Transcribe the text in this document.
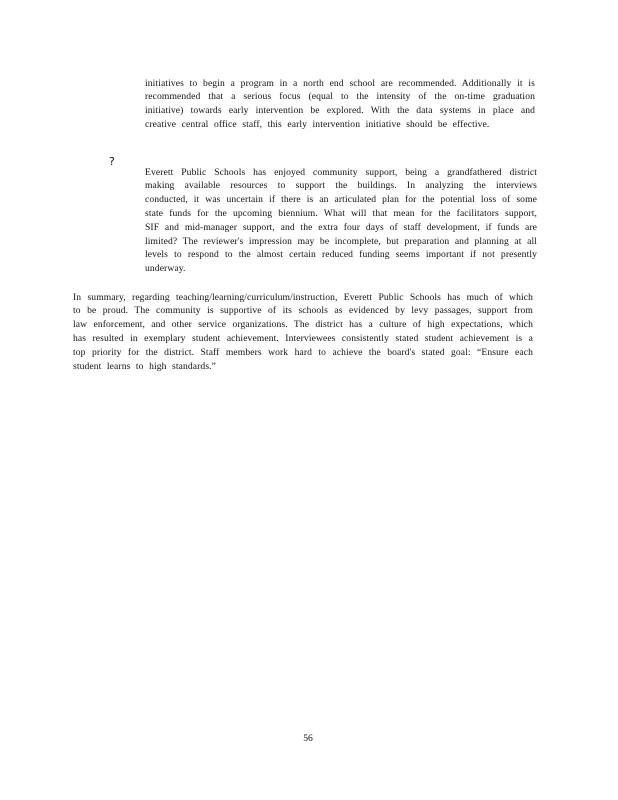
initiatives to begin a program in a north end school are recommended. Additionally it is recommended that a serious focus (equal to the intensity of the on-time graduation initiative) towards early intervention be explored. With the data systems in place and creative central office staff, this early intervention initiative should be effective.

?

Everett Public Schools has enjoyed community support, being a grandfathered district making available resources to support the buildings. In analyzing the interviews conducted, it was uncertain if there is an articulated plan for the potential loss of some state funds for the upcoming biennium. What will that mean for the facilitators support, SIF and mid-manager support, and the extra four days of staff development, if funds are limited? The reviewer's impression may be incomplete, but preparation and planning at all levels to respond to the almost certain reduced funding seems important if not presently underway.

In summary, regarding teaching/learning/curriculum/instruction, Everett Public Schools has much of which to be proud. The community is supportive of its schools as evidenced by levy passages, support from law enforcement, and other service organizations. The district has a culture of high expectations, which has resulted in exemplary student achievement. Interviewees consistently stated student achievement is a top priority for the district. Staff members work hard to achieve the board's stated goal: “Ensure each student learns to high standards.”

56
